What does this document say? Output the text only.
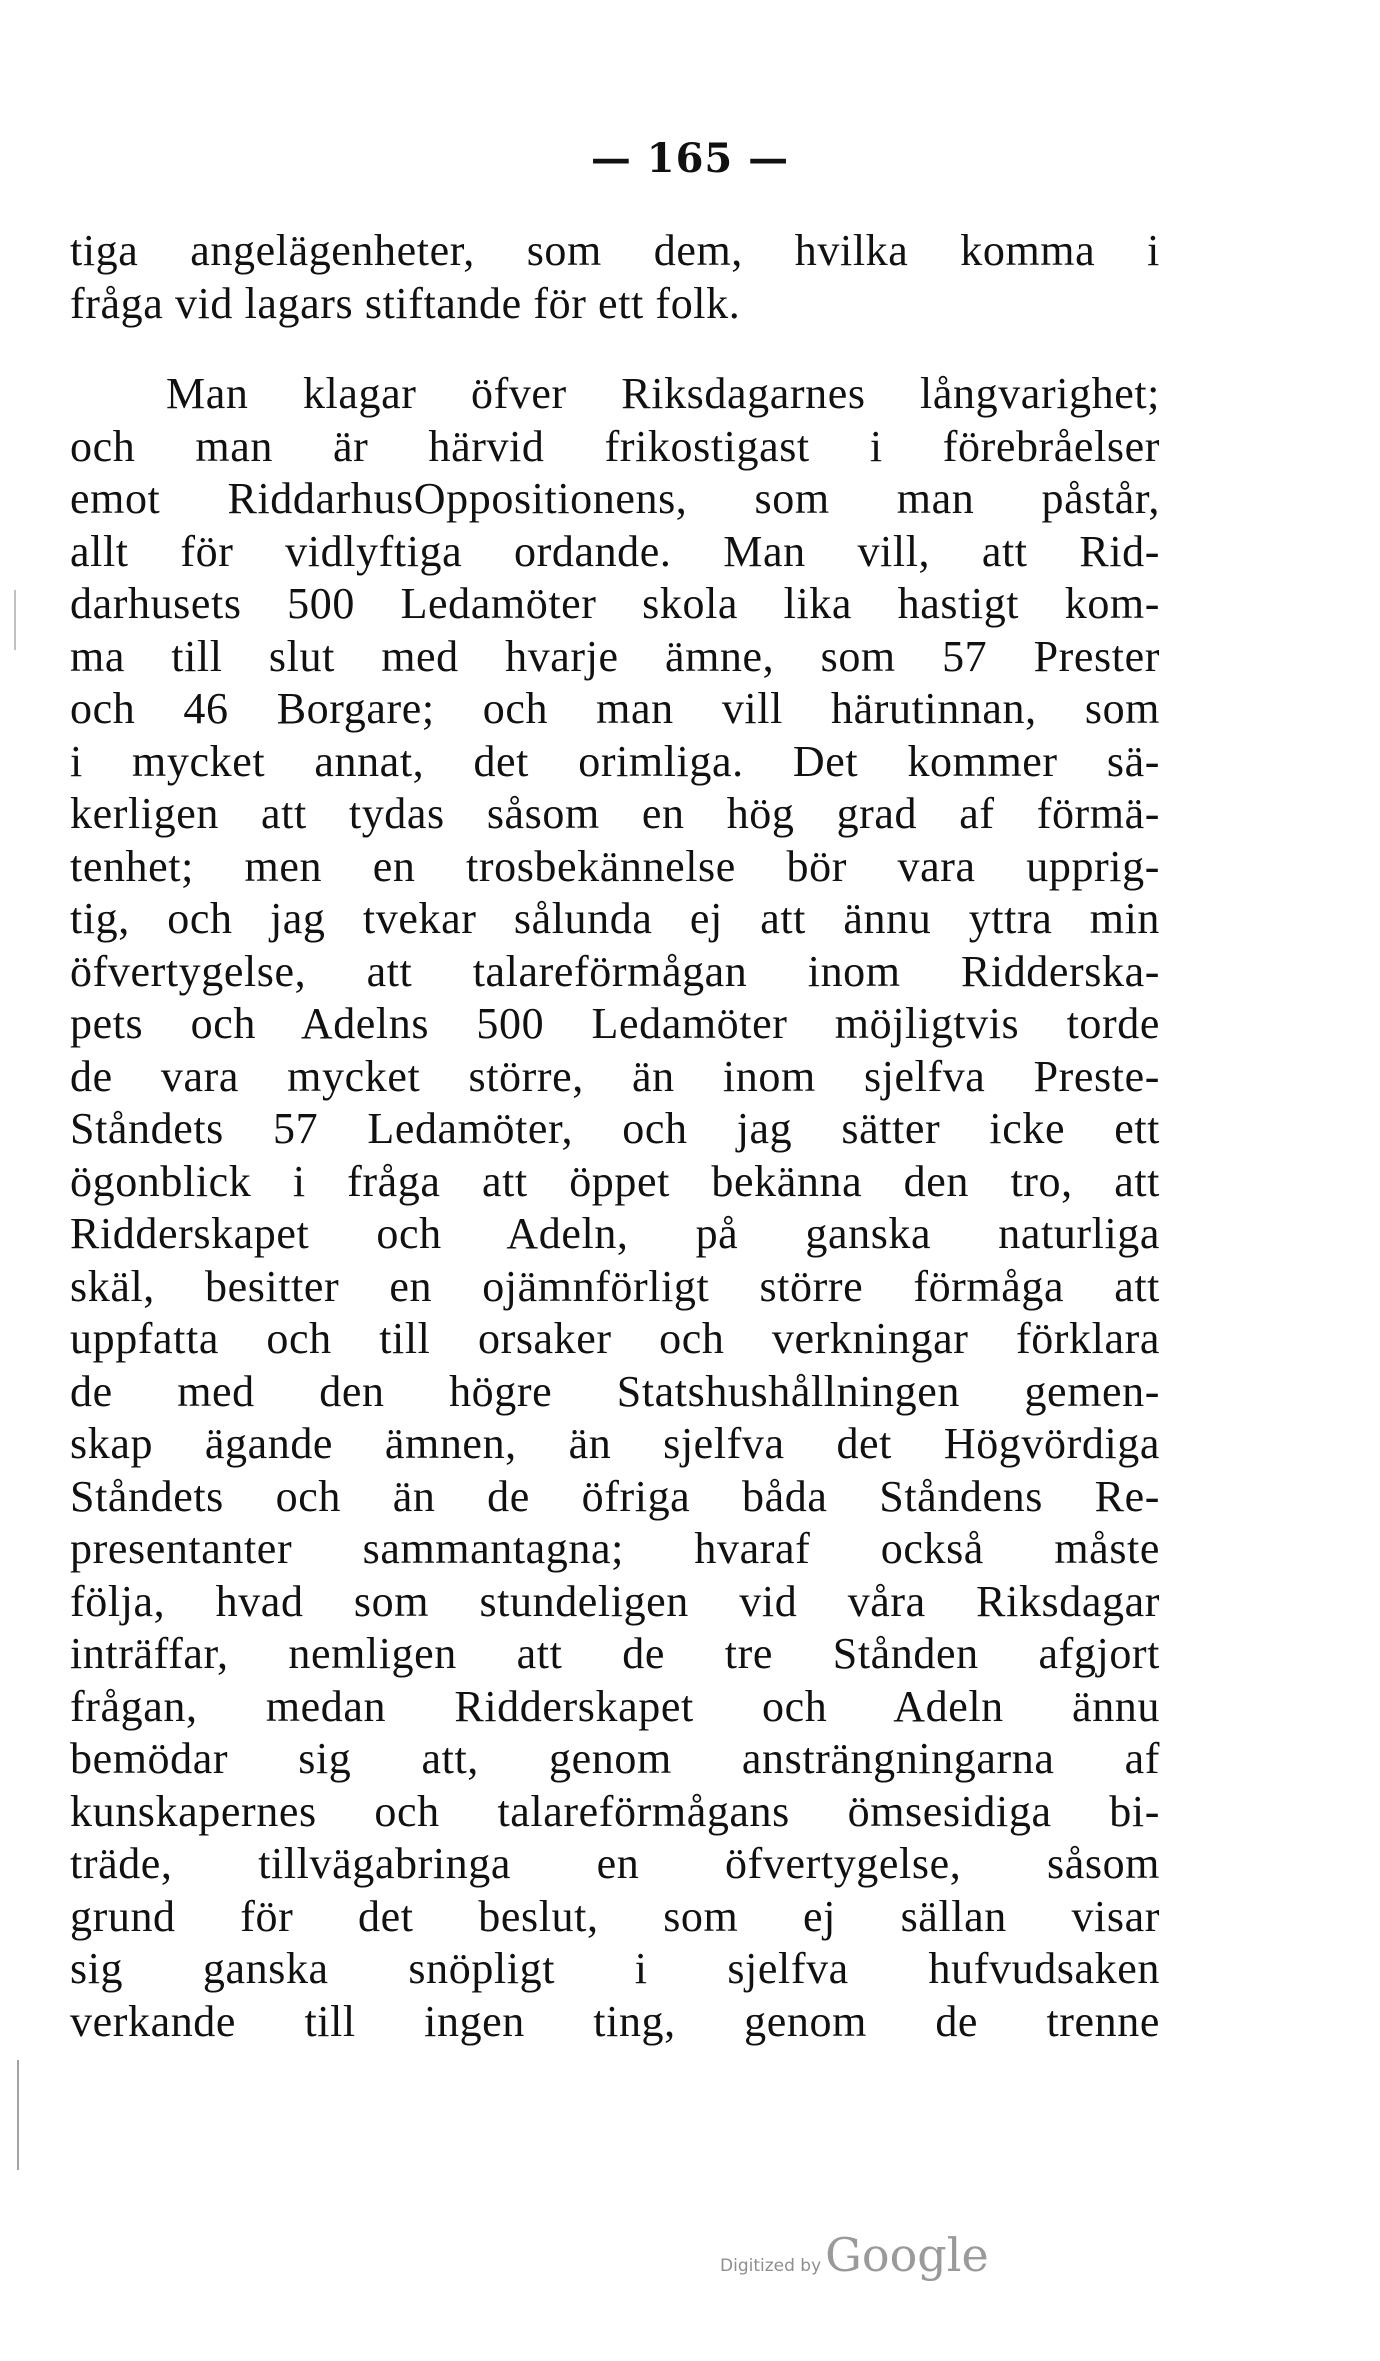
— 165 —
tiga angelägenheter, som dem, hvilka komma i
fråga vid lagars stiftande för ett folk.
Man klagar öfver Riksdagarnes långvarighet;
och man är härvid frikostigast i förebråelser
emot RiddarhusOppositionens, som man påstår,
allt för vidlyftiga ordande. Man vill, att Rid-
darhusets 500 Ledamöter skola lika hastigt kom-
ma till slut med hvarje ämne, som 57 Prester
och 46 Borgare; och man vill härutinnan, som
i mycket annat, det orimliga. Det kommer sä-
kerligen att tydas såsom en hög grad af förmä-
tenhet; men en trosbekännelse bör vara upprig-
tig, och jag tvekar sålunda ej att ännu yttra min
öfvertygelse, att talareförmågan inom Ridderska-
pets och Adelns 500 Ledamöter möjligtvis torde
de vara mycket större, än inom sjelfva Preste-
Ståndets 57 Ledamöter, och jag sätter icke ett
ögonblick i fråga att öppet bekänna den tro, att
Ridderskapet och Adeln, på ganska naturliga
skäl, besitter en ojämnförligt större förmåga att
uppfatta och till orsaker och verkningar förklara
de med den högre Statshushållningen gemen-
skap ägande ämnen, än sjelfva det Högvördiga
Ståndets och än de öfriga båda Ståndens Re-
presentanter sammantagna; hvaraf också måste
följa, hvad som stundeligen vid våra Riksdagar
inträffar, nemligen att de tre Stånden afgjort
frågan, medan Ridderskapet och Adeln ännu
bemödar sig att, genom ansträngningarna af
kunskapernes och talareförmågans ömsesidiga bi-
träde, tillvägabringa en öfvertygelse, såsom
grund för det beslut, som ej sällan visar
sig ganska snöpligt i sjelfva hufvudsaken
verkande till ingen ting, genom de trenne
Digitized by Google
